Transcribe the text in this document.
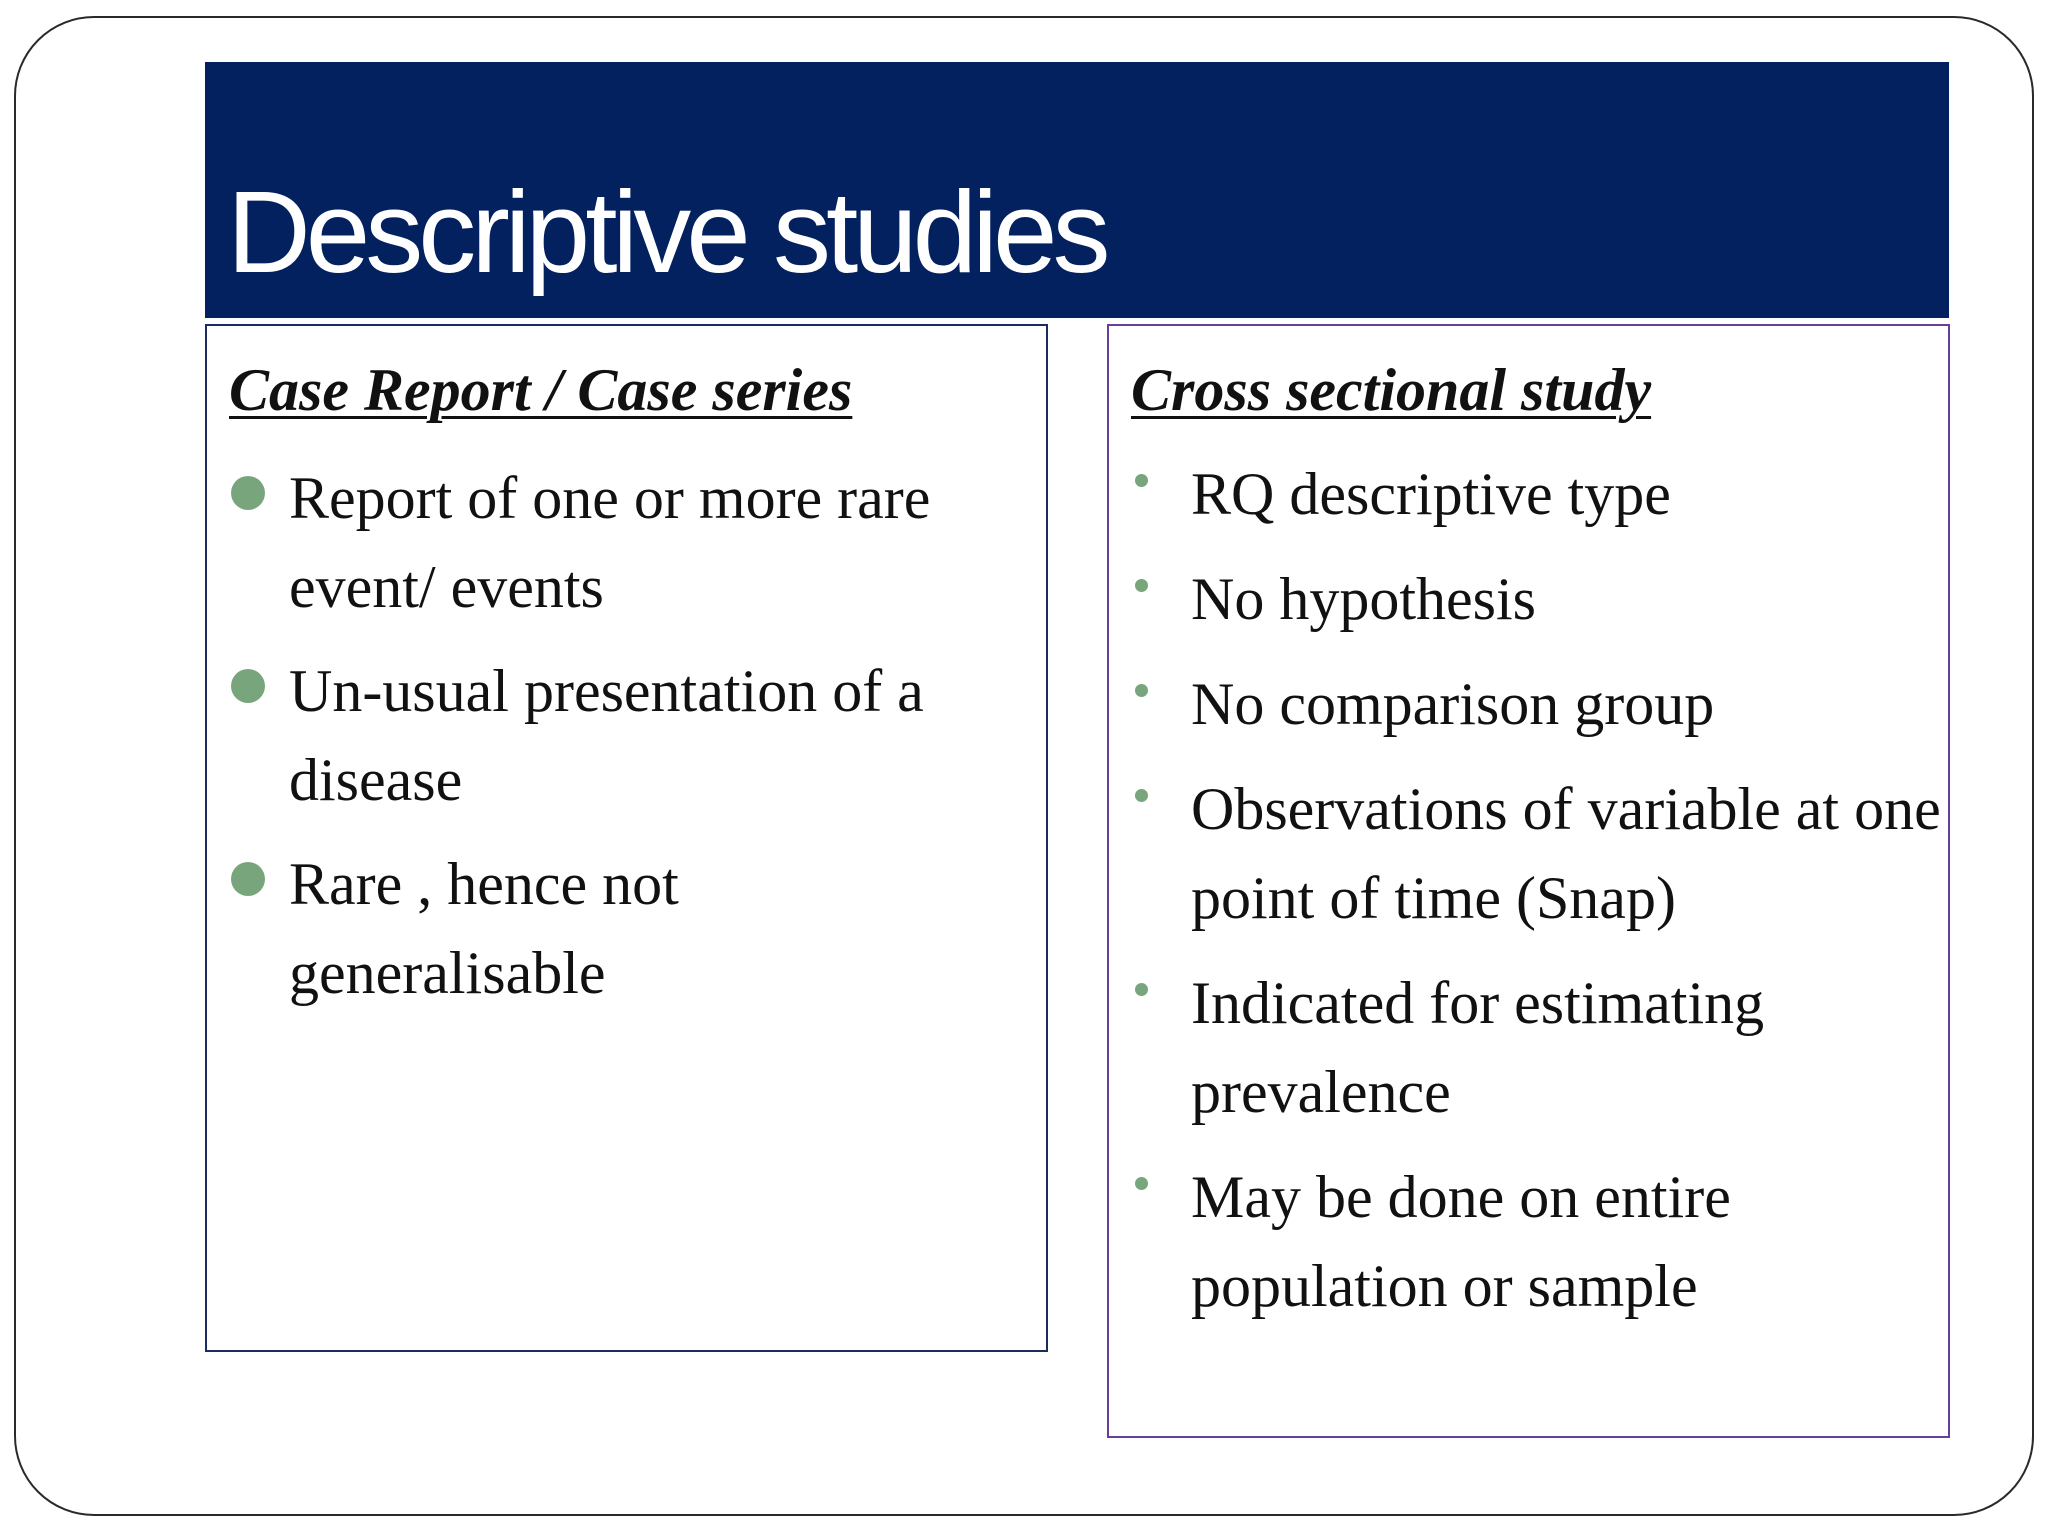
Descriptive studies
Case Report / Case series
Report of one or more rare event/ events
Un-usual presentation of a disease
Rare , hence not generalisable
Cross sectional study
RQ descriptive type
No hypothesis
No comparison group
Observations of variable at one point of time (Snap)
Indicated for estimating prevalence
May be done on entire population or sample
